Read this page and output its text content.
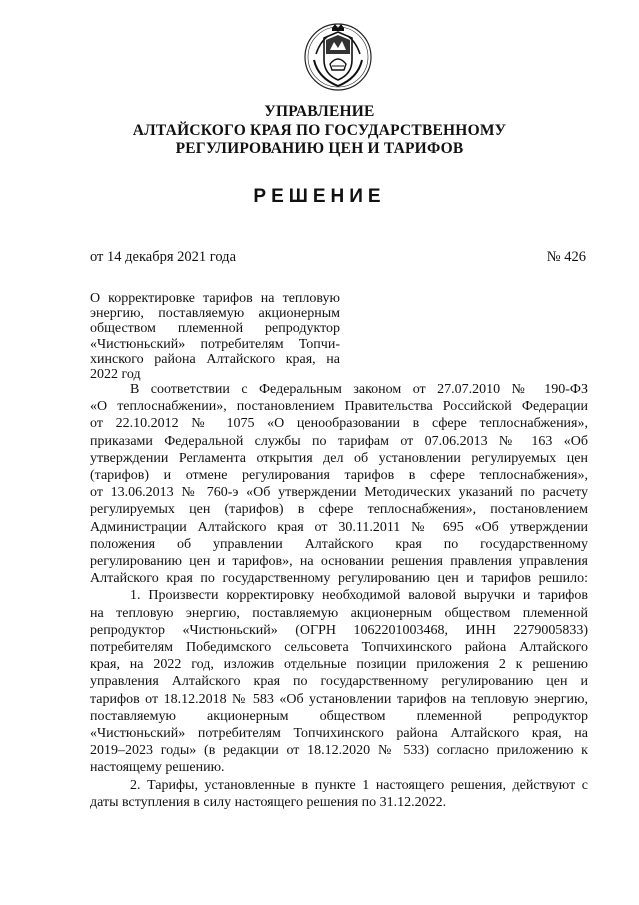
УПРАВЛЕНИЕ
АЛТАЙСКОГО КРАЯ ПО ГОСУДАРСТВЕННОМУ
РЕГУЛИРОВАНИЮ ЦЕН И ТАРИФОВ
РЕШЕНИЕ
от 14 декабря 2021 года	№ 426
О корректировке тарифов на тепловую
энергию, поставляемую акционерным
обществом племенной репродуктор
«Чистюньский» потребителям Топчи-
хинского района Алтайского края, на
2022 год
В соответствии с Федеральным законом от 27.07.2010 № 190-ФЗ
«О теплоснабжении», постановлением Правительства Российской Федерации
от 22.10.2012 № 1075 «О ценообразовании в сфере теплоснабжения»,
приказами Федеральной службы по тарифам от 07.06.2013 № 163 «Об
утверждении Регламента открытия дел об установлении регулируемых цен
(тарифов) и отмене регулирования тарифов в сфере теплоснабжения»,
от 13.06.2013 № 760-э «Об утверждении Методических указаний по расчету
регулируемых цен (тарифов) в сфере теплоснабжения», постановлением
Администрации Алтайского края от 30.11.2011 № 695 «Об утверждении
положения об управлении Алтайского края по государственному
регулированию цен и тарифов», на основании решения правления управления
Алтайского края по государственному регулированию цен и тарифов решило:
1. Произвести корректировку необходимой валовой выручки и тарифов
на тепловую энергию, поставляемую акционерным обществом племенной
репродуктор «Чистюньский» (ОГРН 1062201003468, ИНН 2279005833)
потребителям Победимского сельсовета Топчихинского района Алтайского
края, на 2022 год, изложив отдельные позиции приложения 2 к решению
управления Алтайского края по государственному регулированию цен и
тарифов от 18.12.2018 № 583 «Об установлении тарифов на тепловую энергию,
поставляемую акционерным обществом племенной репродуктор
«Чистюньский» потребителям Топчихинского района Алтайского края, на
2019–2023 годы» (в редакции от 18.12.2020 № 533) согласно приложению к
настоящему решению.
2. Тарифы, установленные в пункте 1 настоящего решения, действуют с
даты вступления в силу настоящего решения по 31.12.2022.
